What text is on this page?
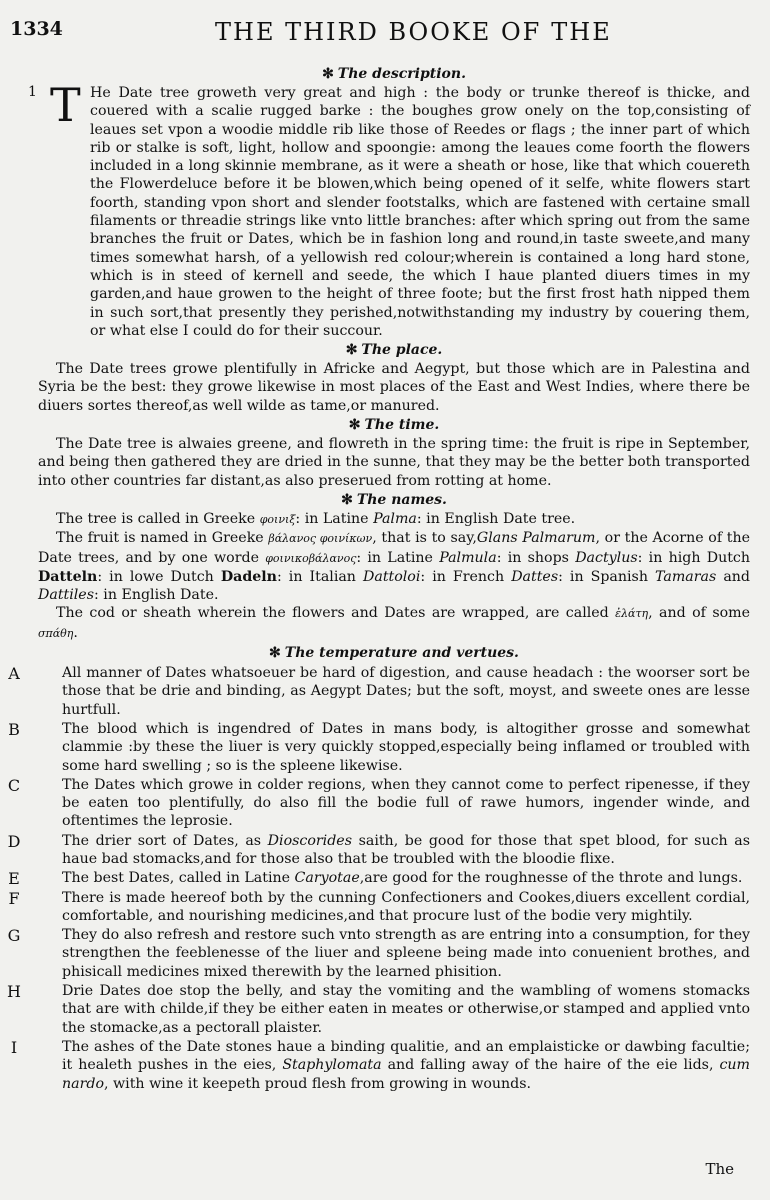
1334	THE THIRD BOOKE OF THE
✻ The description.
1 T He Date tree groweth very great and high : the body or trunke thereof is thicke, and couered with a scalie rugged barke : the boughes grow onely on the top,consisting of leaues set vpon a woodie middle rib like those of Reedes or flags ; the inner part of which rib or stalke is soft, light, hollow and spoongie: among the leaues come foorth the flowers included in a long skinnie membrane, as it were a sheath or hose, like that which couereth the Flowerdeluce before it be blowen,which being opened of it selfe, white flowers start foorth, standing vpon short and slender footstalks, which are fastened with certaine small filaments or threadie strings like vnto little branches: after which spring out from the same branches the fruit or Dates, which be in fashion long and round,in taste sweete,and many times somewhat harsh, of a yellowish red colour;wherein is contained a long hard stone, which is in steed of kernell and seede, the which I haue planted diuers times in my garden,and haue growen to the height of three foote; but the first frost hath nipped them in such sort,that presently they perished,notwithstanding my industry by couering them, or what else I could do for their succour.

✻ The place.

The Date trees growe plentifully in Africke and Aegypt, but those which are in Palestina and Syria be the best: they growe likewise in most places of the East and West Indies, where there be diuers sortes thereof,as well wilde as tame,or manured.

✻ The time.

The Date tree is alwaies greene, and flowreth in the spring time: the fruit is ripe in September, and being then gathered they are dried in the sunne, that they may be the better both transported into other countries far distant,as also preserued from rotting at home.

✻ The names.

The tree is called in Greeke φοινιξ: in Latine Palma: in English Date tree.

The fruit is named in Greeke βάλανος φοινίκων, that is to say,Glans Palmarum, or the Acorne of the Date trees, and by one worde φοινικοβάλανος: in Latine Palmula: in shops Dactylus: in high Dutch Datteln: in lowe Dutch Dadeln: in Italian Dattoloi: in French Dattes: in Spanish Tamaras and Dattiles: in English Date.

The cod or sheath wherein the flowers and Dates are wrapped, are called ἐλάτη, and of some σπάθη.

✻ The temperature and vertues.
A	All manner of Dates whatsoeuer be hard of digestion, and cause headach : the woorser sort be those that be drie and binding, as Aegypt Dates; but the soft, moyst, and sweete ones are lesse hurtfull.

B	The blood which is ingendred of Dates in mans body, is altogither grosse and somewhat clammie :by these the liuer is very quickly stopped,especially being inflamed or troubled with some hard swelling ; so is the spleene likewise.

C	The Dates which growe in colder regions, when they cannot come to perfect ripenesse, if they be eaten too plentifully, do also fill the bodie full of rawe humors, ingender winde, and oftentimes the leprosie.

D	The drier sort of Dates, as Dioscorides saith, be good for those that spet blood, for such as haue bad stomacks,and for those also that be troubled with the bloodie flixe.

E	The best Dates, called in Latine Caryotae,are good for the roughnesse of the throte and lungs.

F	There is made heereof both by the cunning Confectioners and Cookes,diuers excellent cordial, comfortable, and nourishing medicines,and that procure lust of the bodie very mightily.

G	They do also refresh and restore such vnto strength as are entring into a consumption, for they strengthen the feeblenesse of the liuer and spleene being made into conuenient brothes, and phisicall medicines mixed therewith by the learned phisition.

H	Drie Dates doe stop the belly, and stay the vomiting and the wambling of womens stomacks that are with childe,if they be either eaten in meates or otherwise,or stamped and applied vnto the stomacke,as a pectorall plaister.

I	The ashes of the Date stones haue a binding qualitie, and an emplaisticke or dawbing facultie; it healeth pushes in the eies, Staphylomata and falling away of the haire of the eie lids, cum nardo, with wine it keepeth proud flesh from growing in wounds.

The
